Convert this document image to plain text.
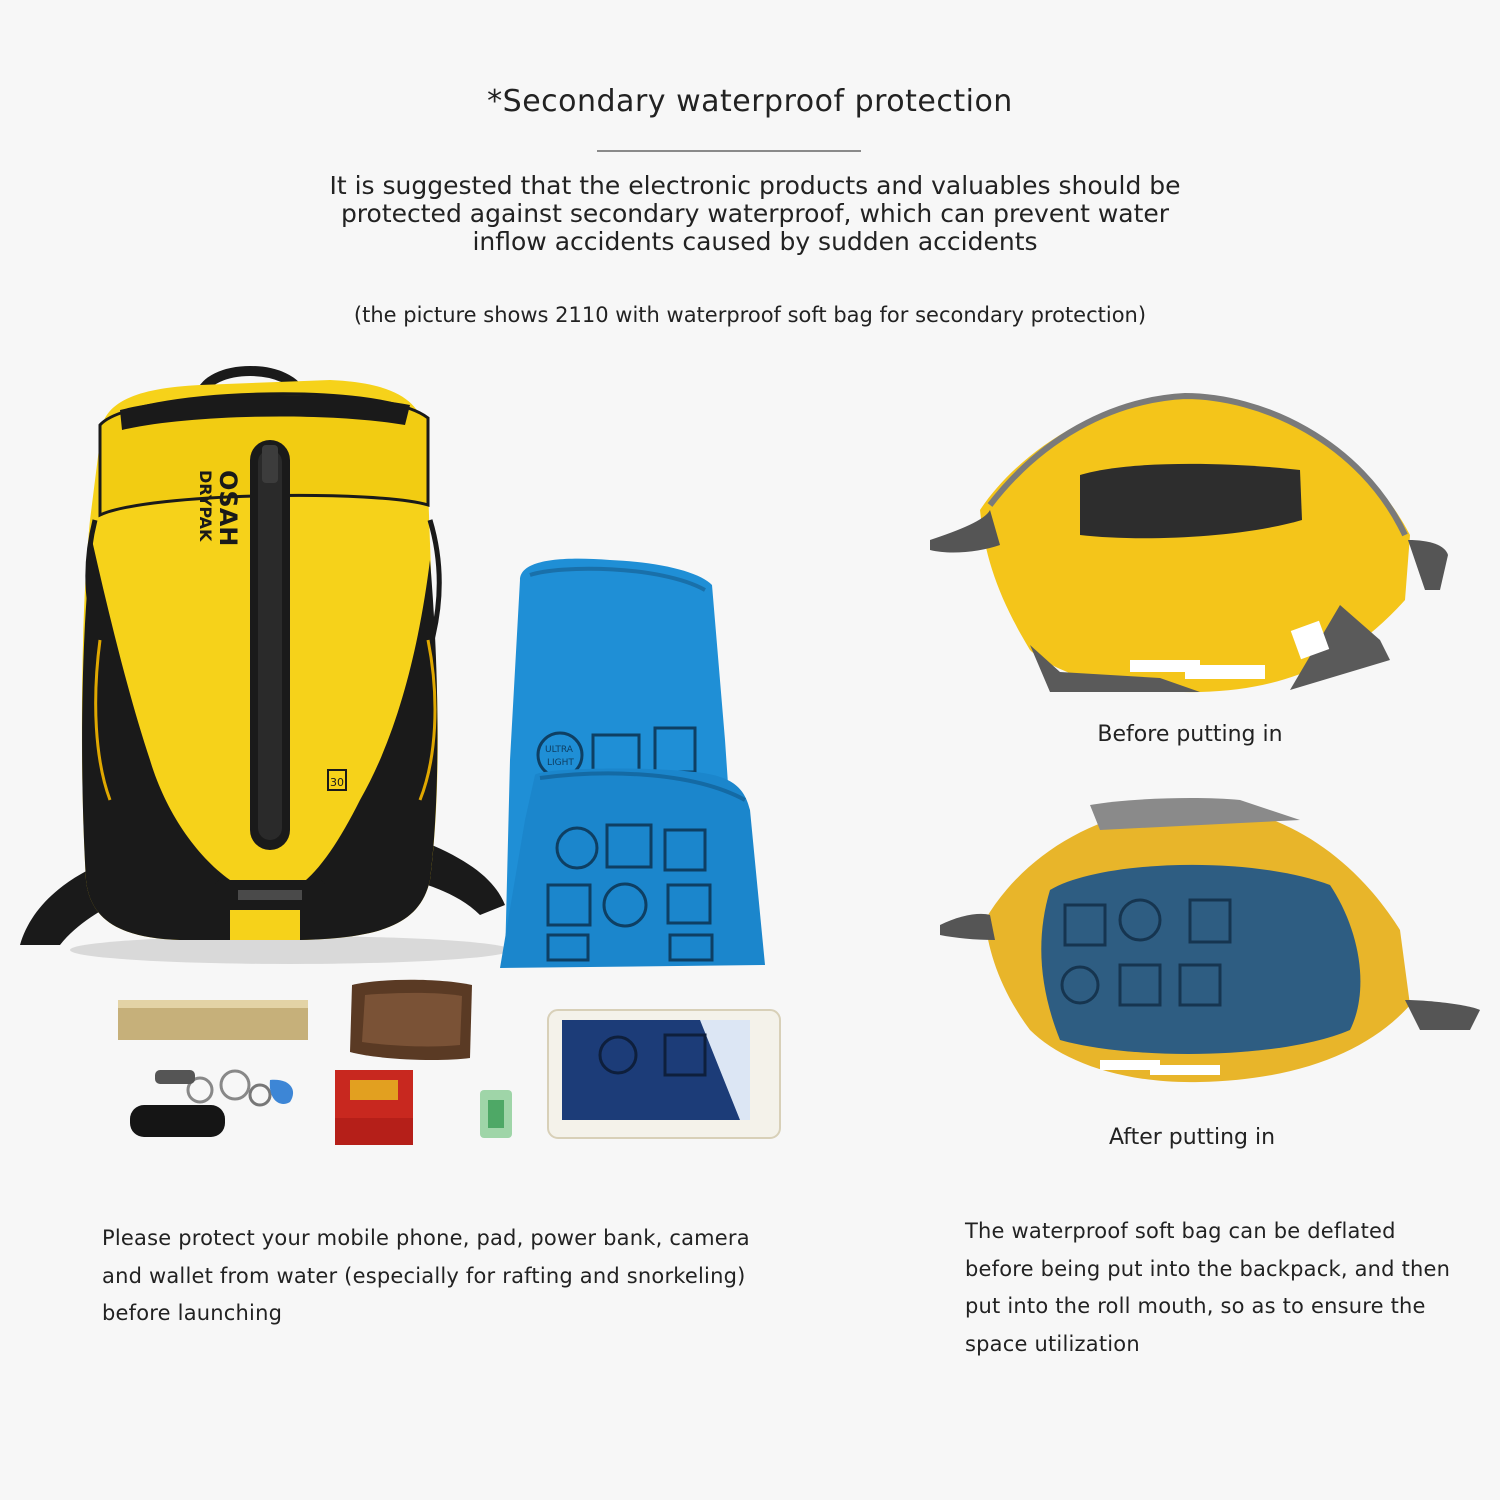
*Secondary waterproof protection
It is suggested that the electronic products and valuables should be protected against secondary waterproof, which can prevent water inflow accidents caused by sudden accidents
(the picture shows 2110 with waterproof soft bag for secondary protection)
OSAH
DRYPAK
30
ULTRA
LIGHT
Before putting in
After putting in
Please protect your mobile phone, pad, power bank, camera and wallet from water (especially for rafting and snorkeling) before launching
The waterproof soft bag can be deflated before being put into the backpack, and then put into the roll mouth, so as to ensure the space utilization
